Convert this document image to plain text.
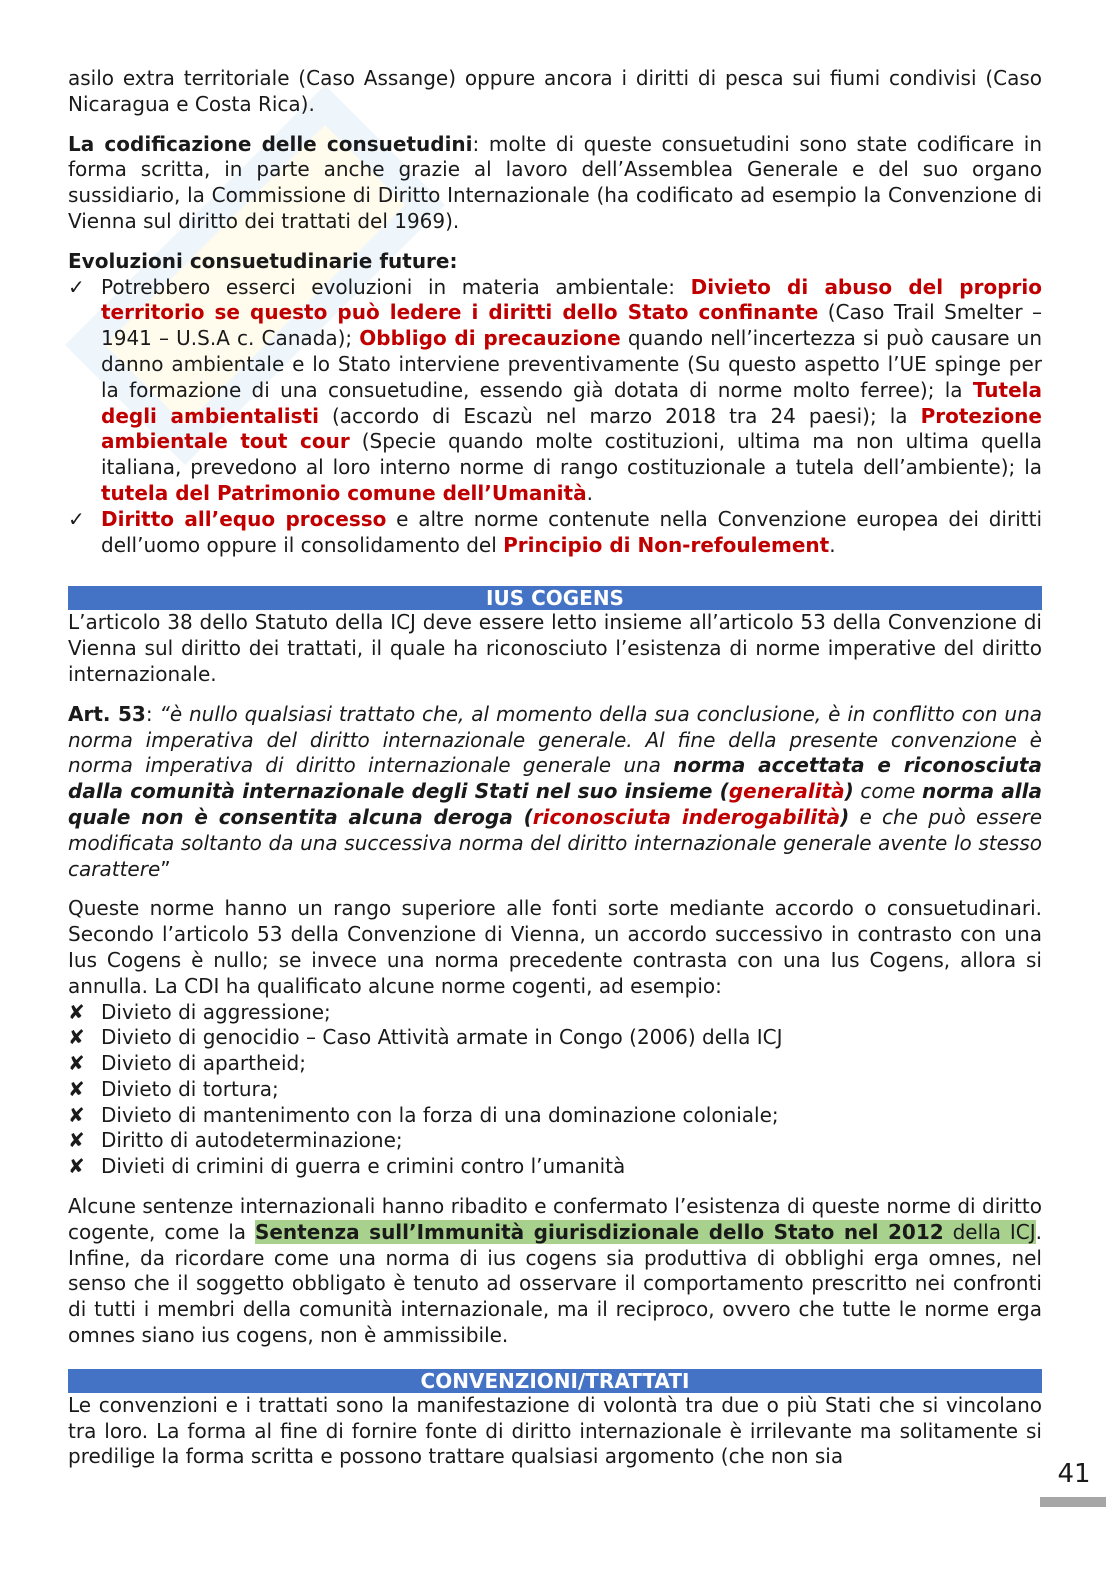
asilo extra territoriale (Caso Assange) oppure ancora i diritti di pesca sui fiumi condivisi (Caso Nicaragua e Costa Rica).

La codificazione delle consuetudini: molte di queste consuetudini sono state codificare in forma scritta, in parte anche grazie al lavoro dell’Assemblea Generale e del suo organo sussidiario, la Commissione di Diritto Internazionale (ha codificato ad esempio la Convenzione di Vienna sul diritto dei trattati del 1969).

Evoluzioni consuetudinarie future:
✓ Potrebbero esserci evoluzioni in materia ambientale: Divieto di abuso del proprio territorio se questo può ledere i diritti dello Stato confinante (Caso Trail Smelter – 1941 – U.S.A c. Canada); Obbligo di precauzione quando nell’incertezza si può causare un danno ambientale e lo Stato interviene preventivamente (Su questo aspetto l’UE spinge per la formazione di una consuetudine, essendo già dotata di norme molto ferree); la Tutela degli ambientalisti (accordo di Escazù nel marzo 2018 tra 24 paesi); la Protezione ambientale tout cour (Specie quando molte costituzioni, ultima ma non ultima quella italiana, prevedono al loro interno norme di rango costituzionale a tutela dell’ambiente); la tutela del Patrimonio comune dell’Umanità.
✓ Diritto all’equo processo e altre norme contenute nella Convenzione europea dei diritti dell’uomo oppure il consolidamento del Principio di Non-refoulement.
IUS COGENS

L’articolo 38 dello Statuto della ICJ deve essere letto insieme all’articolo 53 della Convenzione di Vienna sul diritto dei trattati, il quale ha riconosciuto l’esistenza di norme imperative del diritto internazionale.

Art. 53: “è nullo qualsiasi trattato che, al momento della sua conclusione, è in conflitto con una norma imperativa del diritto internazionale generale. Al fine della presente convenzione è norma imperativa di diritto internazionale generale una norma accettata e riconosciuta dalla comunità internazionale degli Stati nel suo insieme (generalità) come norma alla quale non è consentita alcuna deroga (riconosciuta inderogabilità) e che può essere modificata soltanto da una successiva norma del diritto internazionale generale avente lo stesso carattere”

Queste norme hanno un rango superiore alle fonti sorte mediante accordo o consuetudinari. Secondo l’articolo 53 della Convenzione di Vienna, un accordo successivo in contrasto con una Ius Cogens è nullo; se invece una norma precedente contrasta con una Ius Cogens, allora si annulla. La CDI ha qualificato alcune norme cogenti, ad esempio:
✘ Divieto di aggressione;
✘ Divieto di genocidio – Caso Attività armate in Congo (2006) della ICJ
✘ Divieto di apartheid;
✘ Divieto di tortura;
✘ Divieto di mantenimento con la forza di una dominazione coloniale;
✘ Diritto di autodeterminazione;
✘ Divieti di crimini di guerra e crimini contro l’umanità

Alcune sentenze internazionali hanno ribadito e confermato l’esistenza di queste norme di diritto cogente, come la Sentenza sull’Immunità giurisdizionale dello Stato nel 2012 della ICJ. Infine, da ricordare come una norma di ius cogens sia produttiva di obblighi erga omnes, nel senso che il soggetto obbligato è tenuto ad osservare il comportamento prescritto nei confronti di tutti i membri della comunità internazionale, ma il reciproco, ovvero che tutte le norme erga omnes siano ius cogens, non è ammissibile.

CONVENZIONI/TRATTATI
Le convenzioni e i trattati sono la manifestazione di volontà tra due o più Stati che si vincolano tra loro. La forma al fine di fornire fonte di diritto internazionale è irrilevante ma solitamente si predilige la forma scritta e possono trattare qualsiasi argomento (che non sia
41
